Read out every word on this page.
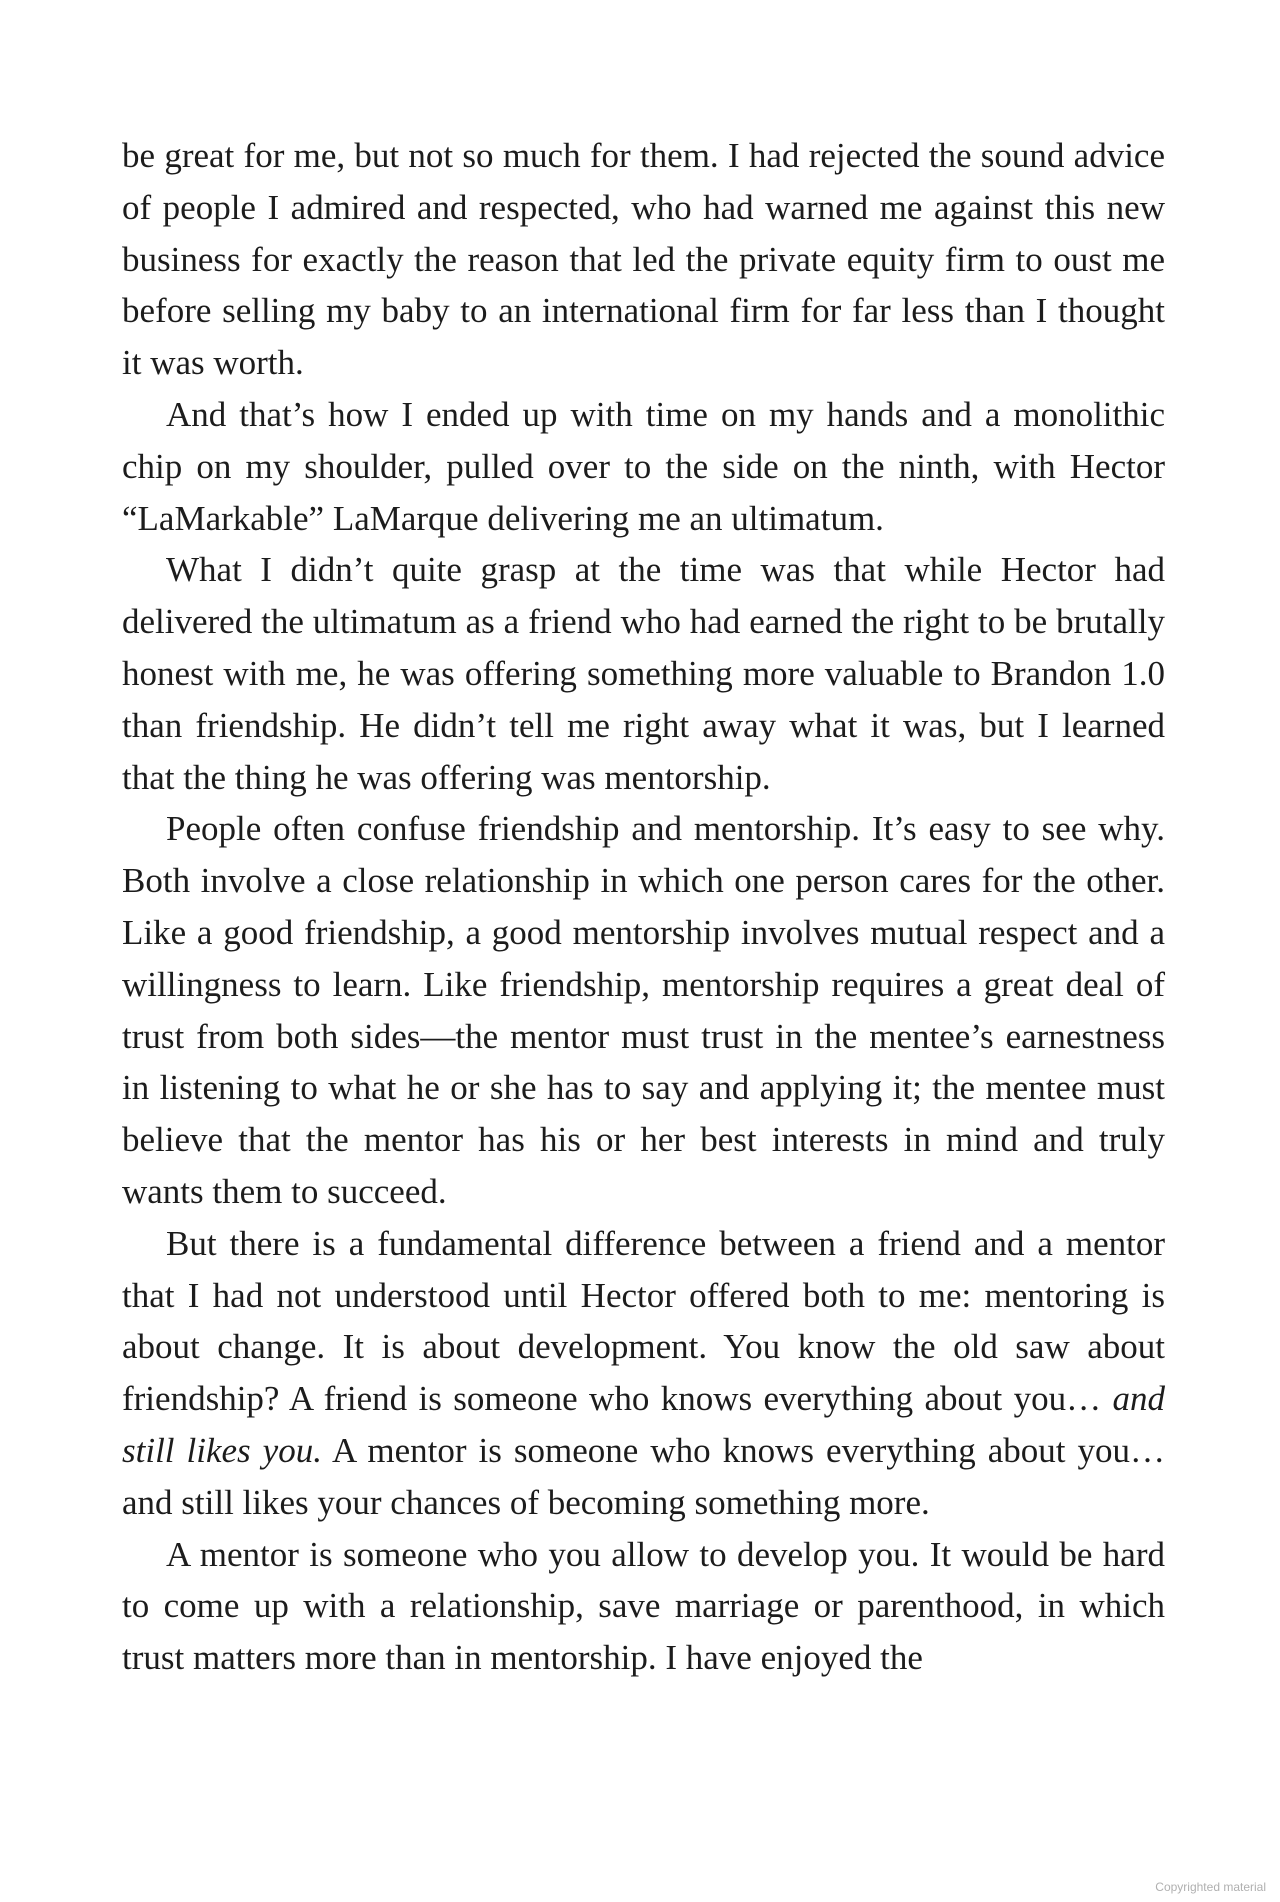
be great for me, but not so much for them. I had rejected the sound advice of people I admired and respected, who had warned me against this new business for exactly the reason that led the private equity firm to oust me before selling my baby to an international firm for far less than I thought it was worth.

And that’s how I ended up with time on my hands and a monolithic chip on my shoulder, pulled over to the side on the ninth, with Hector “LaMarkable” LaMarque delivering me an ultimatum.

What I didn’t quite grasp at the time was that while Hector had delivered the ultimatum as a friend who had earned the right to be brutally honest with me, he was offering something more valuable to Brandon 1.0 than friendship. He didn’t tell me right away what it was, but I learned that the thing he was offering was mentorship.

People often confuse friendship and mentorship. It’s easy to see why. Both involve a close relationship in which one person cares for the other. Like a good friendship, a good mentorship involves mutual respect and a willingness to learn. Like friendship, mentorship requires a great deal of trust from both sides—the mentor must trust in the mentee’s earnestness in listening to what he or she has to say and applying it; the mentee must believe that the mentor has his or her best interests in mind and truly wants them to succeed.

But there is a fundamental difference between a friend and a mentor that I had not understood until Hector offered both to me: mentoring is about change. It is about development. You know the old saw about friendship? A friend is someone who knows everything about you… and still likes you. A mentor is someone who knows everything about you… and still likes your chances of becoming something more.

A mentor is someone who you allow to develop you. It would be hard to come up with a relationship, save marriage or parenthood, in which trust matters more than in mentorship. I have enjoyed the

Copyrighted material
